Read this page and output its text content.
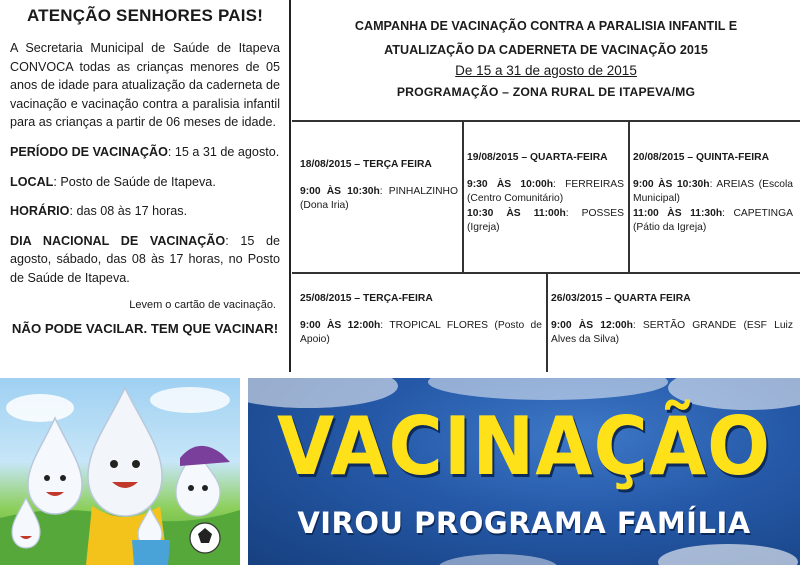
ATENÇÃO SENHORES PAIS!

A Secretaria Municipal de Saúde de Itapeva CONVOCA todas as crianças menores de 05 anos de idade para atualização da caderneta de vacinação e vacinação contra a paralisia infantil para as crianças a partir de 06 meses de idade.

PERÍODO DE VACINAÇÃO: 15 a 31 de agosto.

LOCAL: Posto de Saúde de Itapeva.

HORÁRIO: das 08 às 17 horas.

DIA NACIONAL DE VACINAÇÃO: 15 de agosto, sábado, das 08 às 17 horas, no Posto de Saúde de Itapeva.

Levem o cartão de vacinação.
NÃO PODE VACILAR. TEM QUE VACINAR!
CAMPANHA DE VACINAÇÃO CONTRA A PARALISIA INFANTIL E
ATUALIZAÇÃO DA CADERNETA DE VACINAÇÃO 2015
De 15 a 31 de agosto de 2015
PROGRAMAÇÃO – ZONA RURAL DE ITAPEVA/MG
18/08/2015 – TERÇA FEIRA
9:00 ÀS 10:30h: PINHALZINHO (Dona Iria)
19/08/2015 – QUARTA-FEIRA
9:30 ÀS 10:00h: FERREIRAS (Centro Comunitário)
10:30 ÀS 11:00h: POSSES (Igreja)
20/08/2015 – QUINTA-FEIRA
9:00 ÀS 10:30h: AREIAS (Escola Municipal)
11:00 ÀS 11:30h: CAPETINGA (Pátio da Igreja)
25/08/2015 – TERÇA-FEIRA
9:00 ÀS 12:00h: TROPICAL FLORES (Posto de Apoio)
26/03/2015 – QUARTA FEIRA
9:00 ÀS 12:00h: SERTÃO GRANDE (ESF Luiz Alves da Silva)
VACINAÇÃO
VIROU PROGRAMA FAMÍLIA
